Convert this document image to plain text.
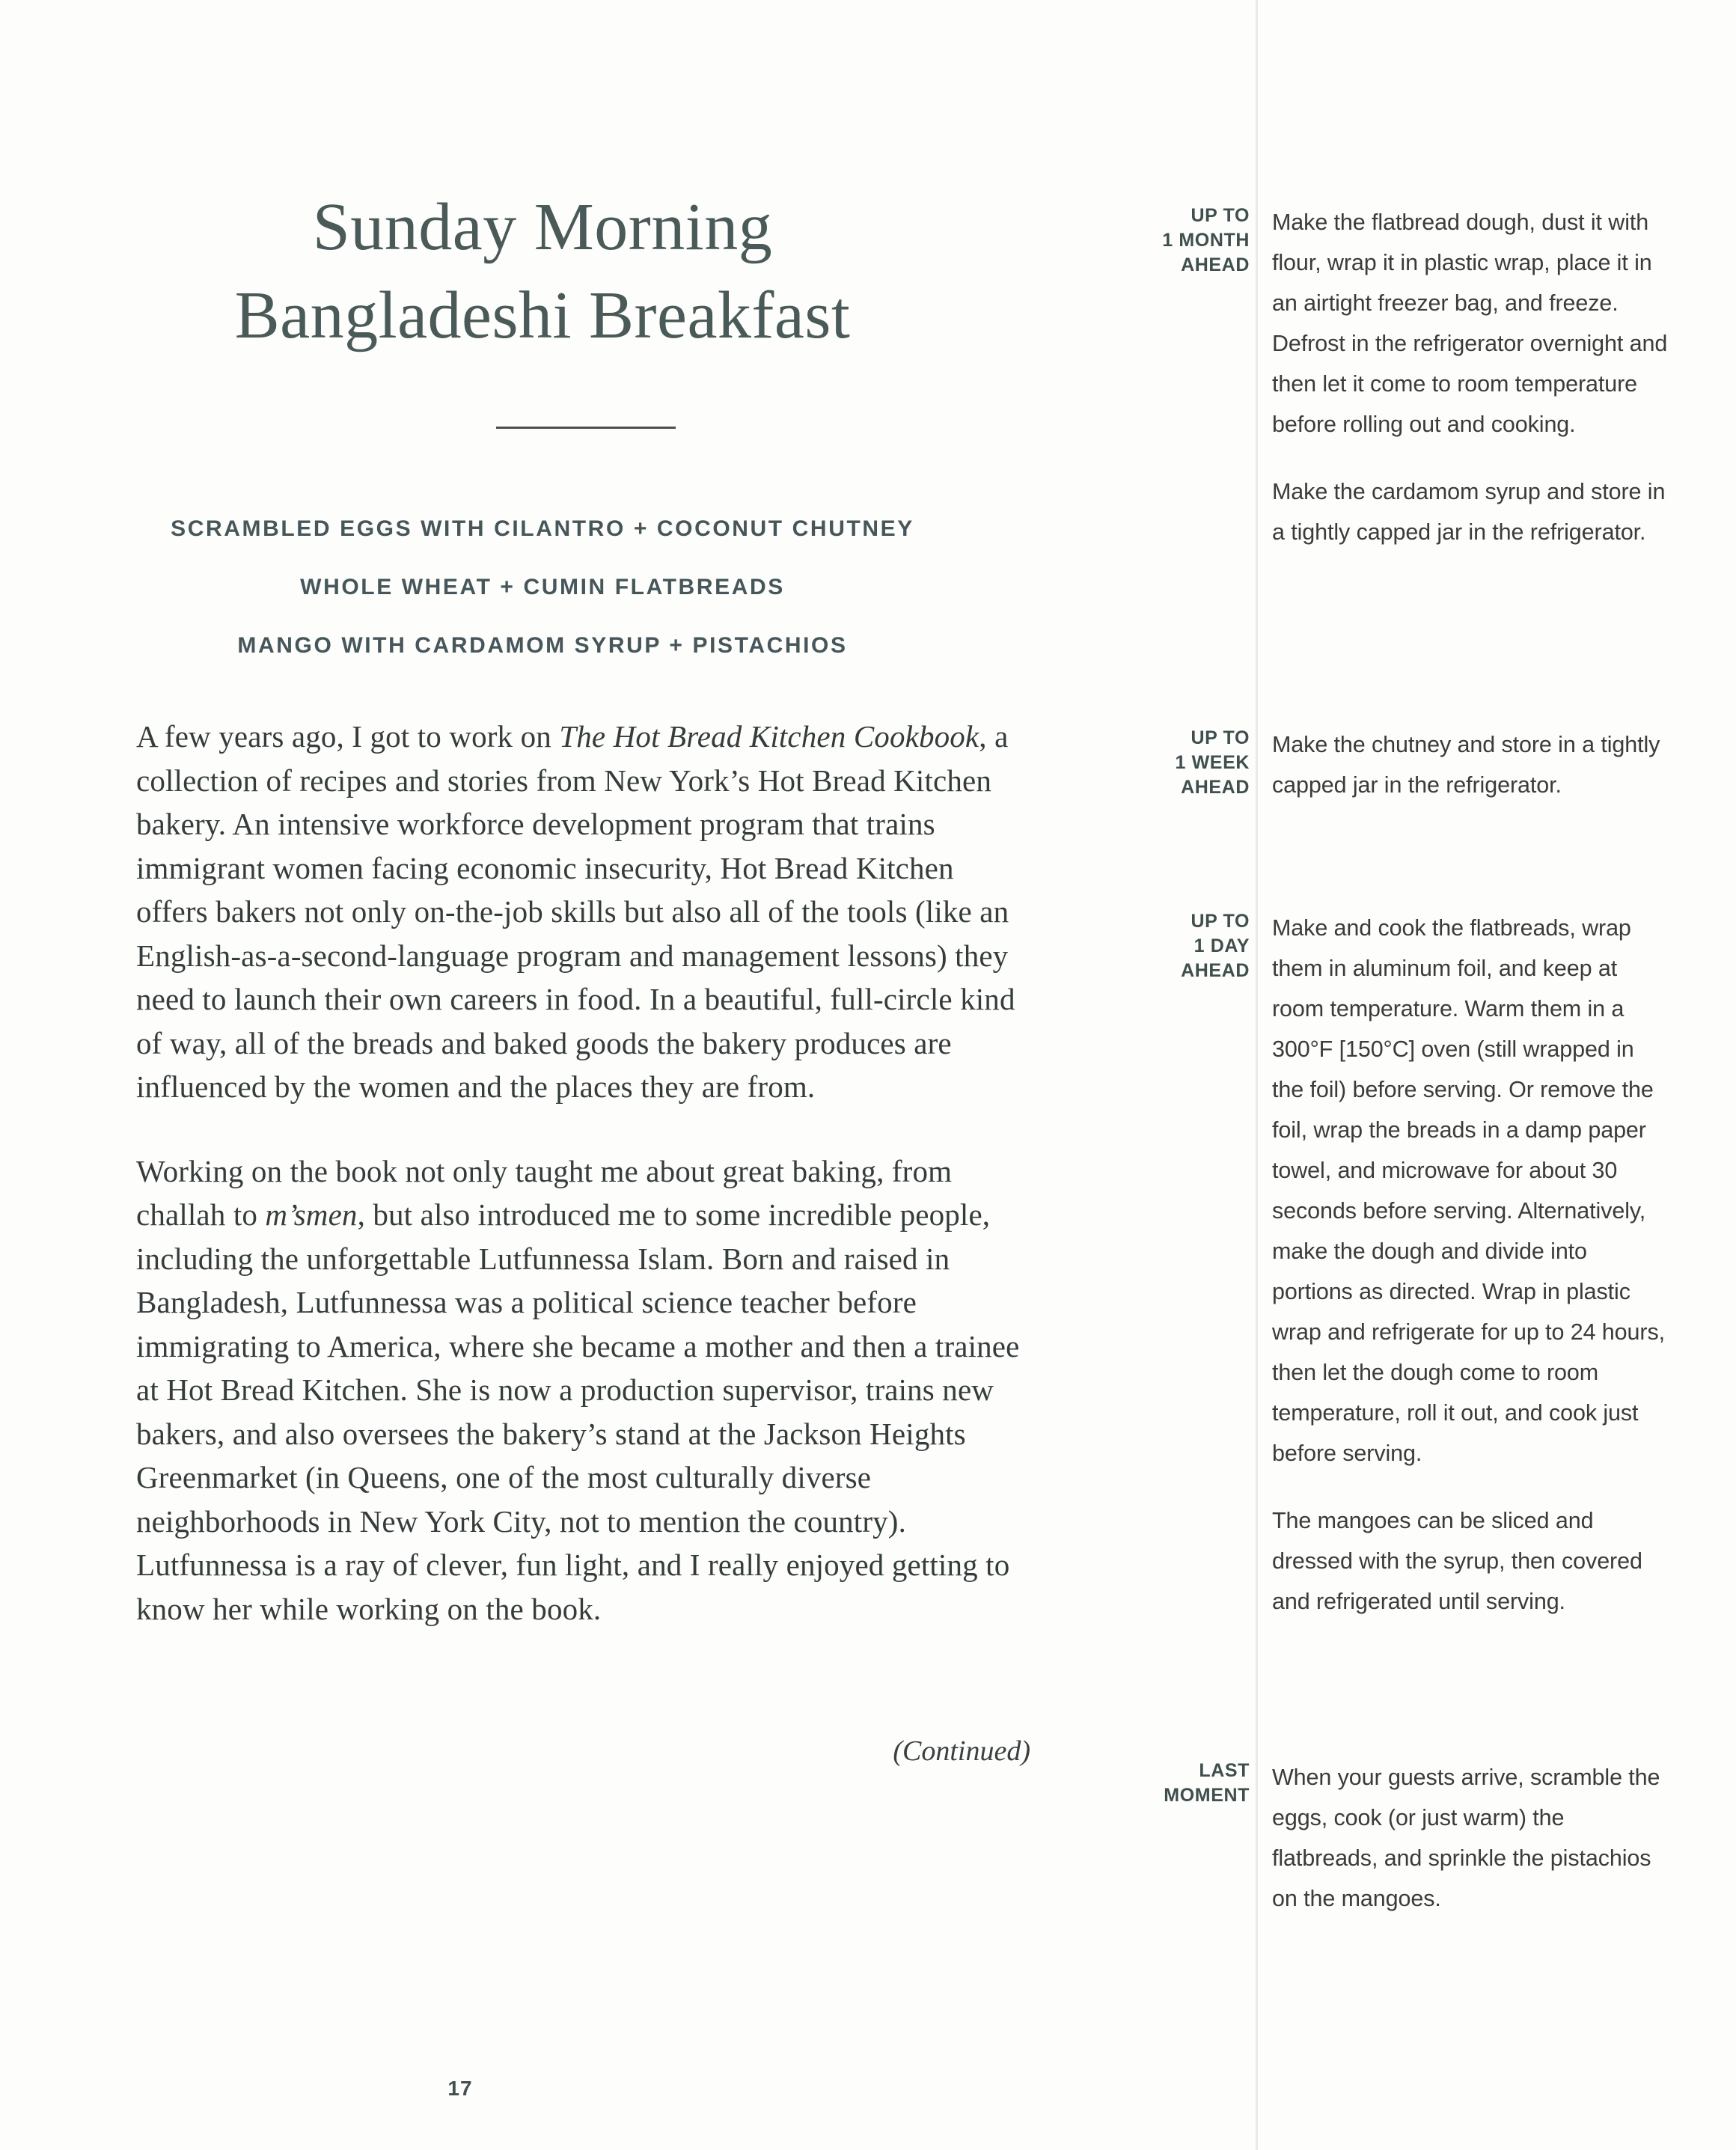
Sunday Morning
Bangladeshi Breakfast
SCRAMBLED EGGS WITH CILANTRO + COCONUT CHUTNEY
WHOLE WHEAT + CUMIN FLATBREADS
MANGO WITH CARDAMOM SYRUP + PISTACHIOS

A few years ago, I got to work on The Hot Bread Kitchen Cookbook, a collection of recipes and stories from New York’s Hot Bread Kitchen bakery. An intensive workforce development program that trains immigrant women facing economic insecurity, Hot Bread Kitchen offers bakers not only on-the-job skills but also all of the tools (like an English-as-a-second-language program and management lessons) they need to launch their own careers in food. In a beautiful, full-circle kind of way, all of the breads and baked goods the bakery produces are influenced by the women and the places they are from.

Working on the book not only taught me about great baking, from challah to m’smen, but also introduced me to some incredible people, including the unforgettable Lutfunnessa Islam. Born and raised in Bangladesh, Lutfunnessa was a political science teacher before immigrating to America, where she became a mother and then a trainee at Hot Bread Kitchen. She is now a production supervisor, trains new bakers, and also oversees the bakery’s stand at the Jackson Heights Greenmarket (in Queens, one of the most culturally diverse neighborhoods in New York City, not to mention the country). Lutfunnessa is a ray of clever, fun light, and I really enjoyed getting to know her while working on the book.

(Continued)
17
UP TO
1 MONTH
AHEAD

Make the flatbread dough, dust it with flour, wrap it in plastic wrap, place it in an airtight freezer bag, and freeze. Defrost in the refrigerator overnight and then let it come to room temperature before rolling out and cooking.

Make the cardamom syrup and store in a tightly capped jar in the refrigerator.

UP TO
1 WEEK
AHEAD

Make the chutney and store in a tightly capped jar in the refrigerator.

UP TO
1 DAY
AHEAD

Make and cook the flatbreads, wrap them in aluminum foil, and keep at room temperature. Warm them in a 300°F [150°C] oven (still wrapped in the foil) before serving. Or remove the foil, wrap the breads in a damp paper towel, and microwave for about 30 seconds before serving. Alternatively, make the dough and divide into portions as directed. Wrap in plastic wrap and refrigerate for up to 24 hours, then let the dough come to room temperature, roll it out, and cook just before serving.

The mangoes can be sliced and dressed with the syrup, then covered and refrigerated until serving.

LAST
MOMENT

When your guests arrive, scramble the eggs, cook (or just warm) the flatbreads, and sprinkle the pistachios on the mangoes.
